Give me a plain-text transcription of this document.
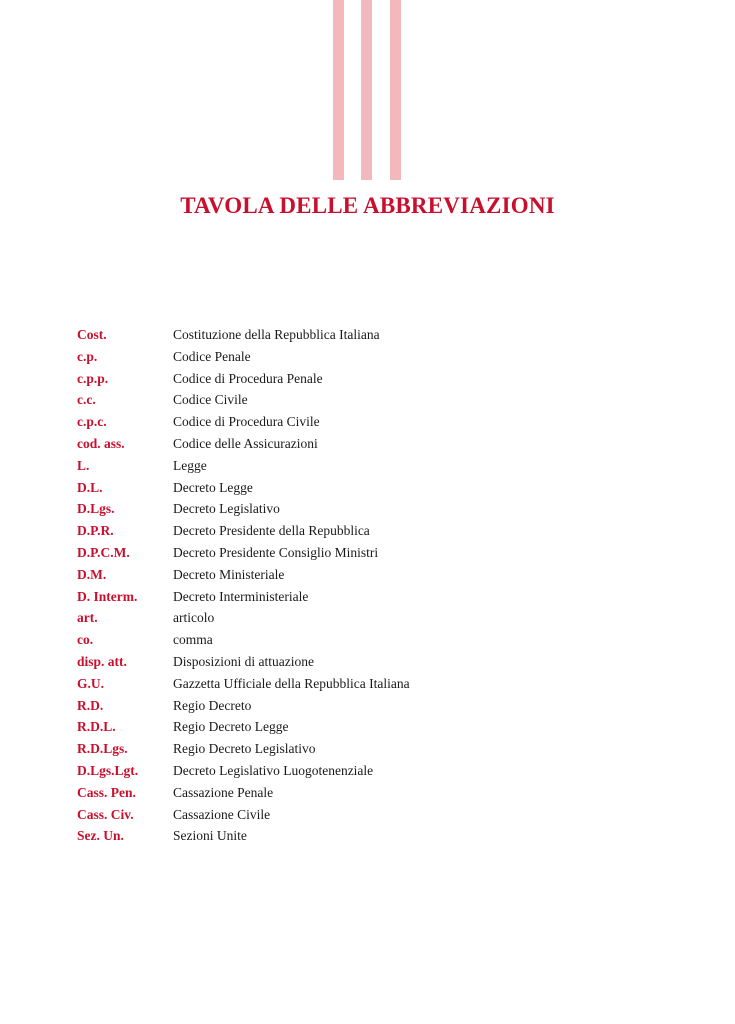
TAVOLA DELLE ABBREVIAZIONI
Cost.	Costituzione della Repubblica Italiana
c.p.	Codice Penale
c.p.p.	Codice di Procedura Penale
c.c.	Codice Civile
c.p.c.	Codice di Procedura Civile
cod. ass.	Codice delle Assicurazioni
L.	Legge
D.L.	Decreto Legge
D.Lgs.	Decreto Legislativo
D.P.R.	Decreto Presidente della Repubblica
D.P.C.M.	Decreto Presidente Consiglio Ministri
D.M.	Decreto Ministeriale
D. Interm.	Decreto Interministeriale
art.	articolo
co.	comma
disp. att.	Disposizioni di attuazione
G.U.	Gazzetta Ufficiale della Repubblica Italiana
R.D.	Regio Decreto
R.D.L.	Regio Decreto Legge
R.D.Lgs.	Regio Decreto Legislativo
D.Lgs.Lgt.	Decreto Legislativo Luogotenenziale
Cass. Pen.	Cassazione Penale
Cass. Civ.	Cassazione Civile
Sez. Un.	Sezioni Unite
